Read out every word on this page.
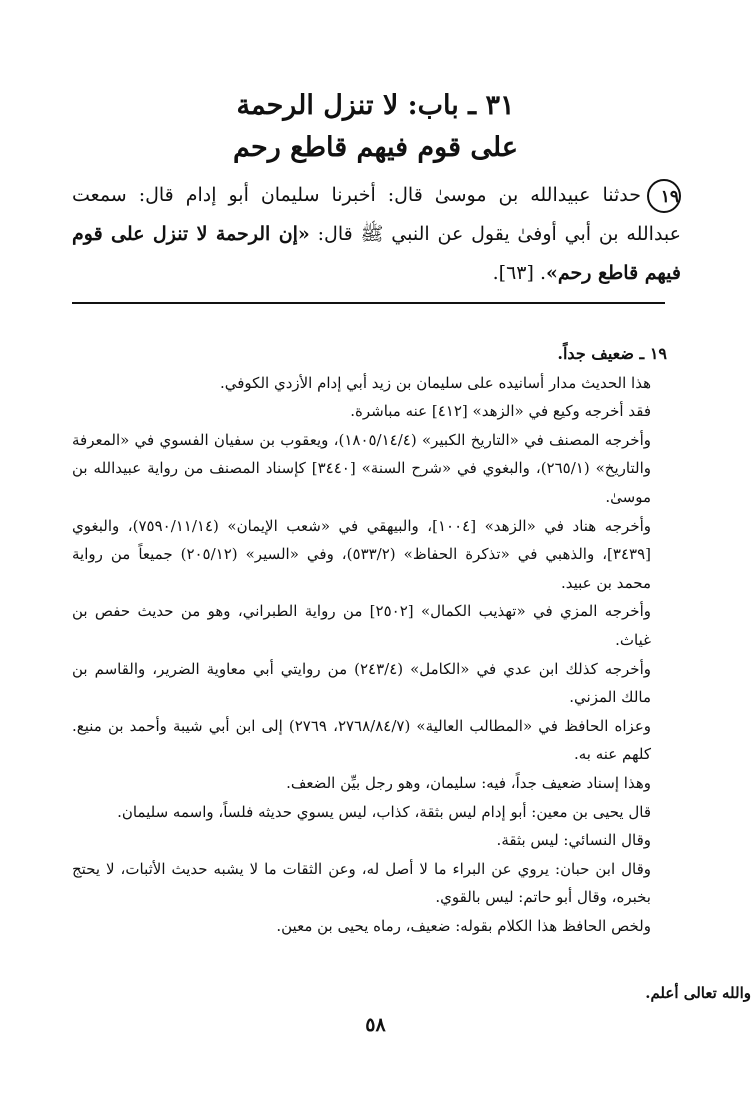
٣١ ـ باب: لا تنزل الرحمة
على قوم فيهم قاطع رحم

١٩حدثنا عبيدالله بن موسىٰ قال: أخبرنا سليمان أبو إدام قال: سمعت عبدالله بن أبي أوفىٰ يقول عن النبي ﷺ قال: «إن الرحمة لا تنزل على قوم فيهم قاطع رحم». [٦٣].

١٩ ـ ضعيف جداً.
هذا الحديث مدار أسانيده على سليمان بن زيد أبي إدام الأزدي الكوفي.
فقد أخرجه وكيع في «الزهد» [٤١٢] عنه مباشرة.
وأخرجه المصنف في «التاريخ الكبير» (١٨٠٥/١٤/٤)، ويعقوب بن سفيان الفسوي في «المعرفة والتاريخ» (٢٦٥/١)، والبغوي في «شرح السنة» [٣٤٤٠] كإسناد المصنف من رواية عبيدالله بن موسىٰ.
وأخرجه هناد في «الزهد» [١٠٠٤]، والبيهقي في «شعب الإيمان» (٧٥٩٠/١١/١٤)، والبغوي [٣٤٣٩]، والذهبي في «تذكرة الحفاظ» (٥٣٣/٢)، وفي «السير» (٢٠٥/١٢) جميعاً من رواية محمد بن عبيد.
وأخرجه المزي في «تهذيب الكمال» [٢٥٠٢] من رواية الطبراني، وهو من حديث حفص بن غياث.
وأخرجه كذلك ابن عدي في «الكامل» (٢٤٣/٤) من روايتي أبي معاوية الضرير، والقاسم بن مالك المزني.
وعزاه الحافظ في «المطالب العالية» (٢٧٦٨/٨٤/٧، ٢٧٦٩) إلى ابن أبي شيبة وأحمد بن منيع. كلهم عنه به.
وهذا إسناد ضعيف جداً، فيه: سليمان، وهو رجل بيِّن الضعف.
قال يحيى بن معين: أبو إدام ليس بثقة، كذاب، ليس يسوي حديثه فلساً، واسمه سليمان.
وقال النسائي: ليس بثقة.
وقال ابن حبان: يروي عن البراء ما لا أصل له، وعن الثقات ما لا يشبه حديث الأثبات، لا يحتج بخبره، وقال أبو حاتم: ليس بالقوي.
ولخص الحافظ هذا الكلام بقوله: ضعيف، رماه يحيى بن معين.

والله تعالى أعلم.

٥٨
